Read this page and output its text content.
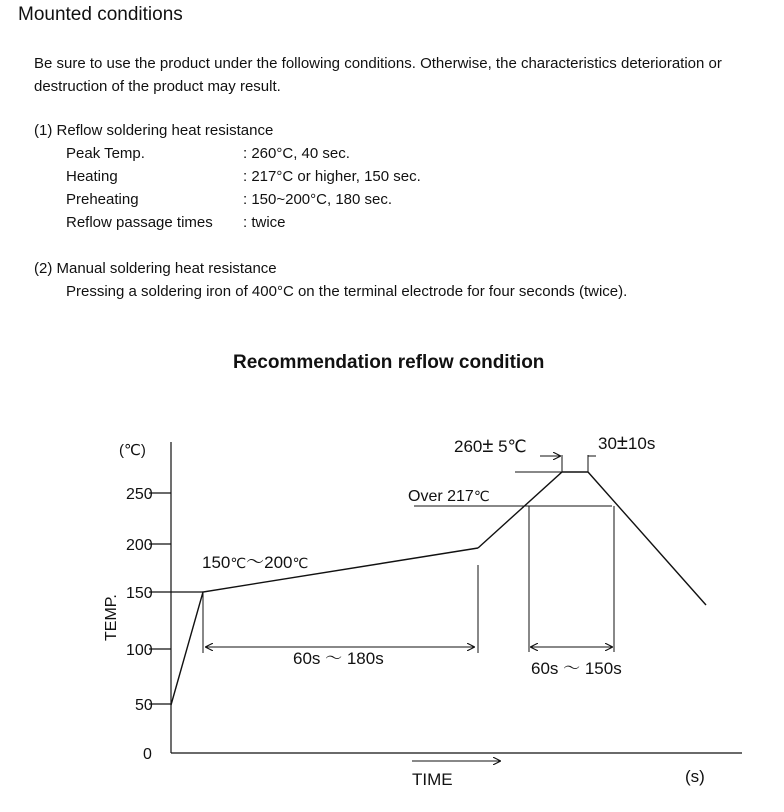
Mounted conditions
Be sure to use the product under the following conditions. Otherwise, the characteristics deterioration or
destruction of the product may result.
(1) Reflow soldering heat resistance
Peak Temp.	: 260°C, 40 sec.
Heating	: 217°C or higher, 150 sec.
Preheating	: 150~200°C, 180 sec.
Reflow passage times : twice
(2) Manual soldering heat resistance
Pressing a soldering iron of 400°C on the terminal electrode for four seconds (twice).
Recommendation reflow condition
(℃)
TEMP.
250
200
150
100
50
0
260± 5℃	30±10s
Over 217℃
150℃～200℃
60s ～ 180s
60s ～ 150s
TIME	(s)
